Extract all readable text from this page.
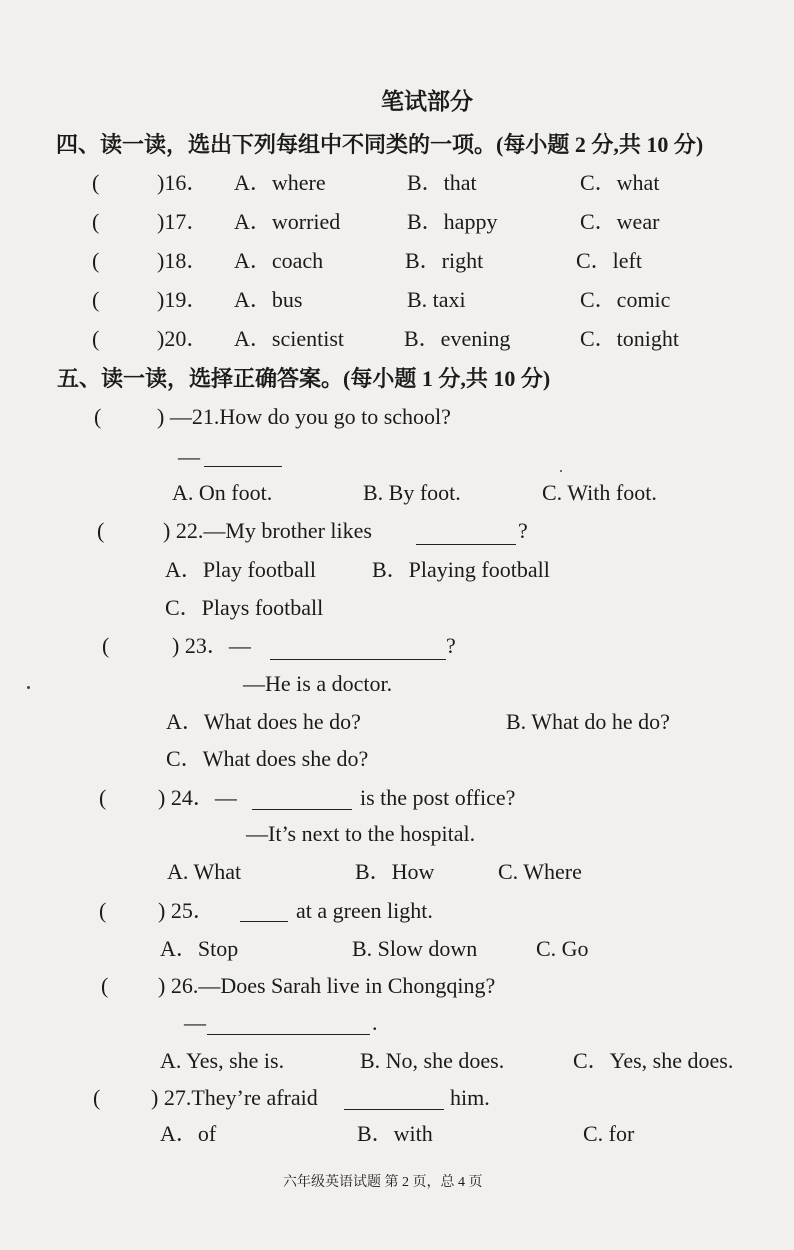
笔试部分
四、读一读，选出下列每组中不同类的一项。(每小题 2 分,共 10 分)
(	)16． A．where	B．that	C．what
(	)17． A．worried	B．happy	C．wear
(	)18． A．coach	B．right	C．left
(	)19． A．bus	B. taxi	C．comic
(	)20． A．scientist	B．evening	C．tonight
五、读一读，选择正确答案。(每小题 1 分,共 10 分)
(	) —21.How do you go to school?
—
A. On foot.	B. By foot.	C. With foot.
(	) 22.—My brother likes	?
A．Play football	B．Playing football
C．Plays football
(	) 23．—	?
—He is a doctor.
A．What does he do?	B. What do he do?
C．What does she do?
( ) 24．—	is the post office?
—It’s next to the hospital.
A. What	B．How	C. Where
( ) 25．	at a green light.
A．Stop	B. Slow down	C. Go
( ) 26.—Does Sarah live in Chongqing?
—	.
A. Yes, she is.	B. No, she does.	C．Yes, she does.
( ) 27.They’re afraid	him.
A．of	B．with	C. for
六年级英语试题 第 2 页，总 4 页
